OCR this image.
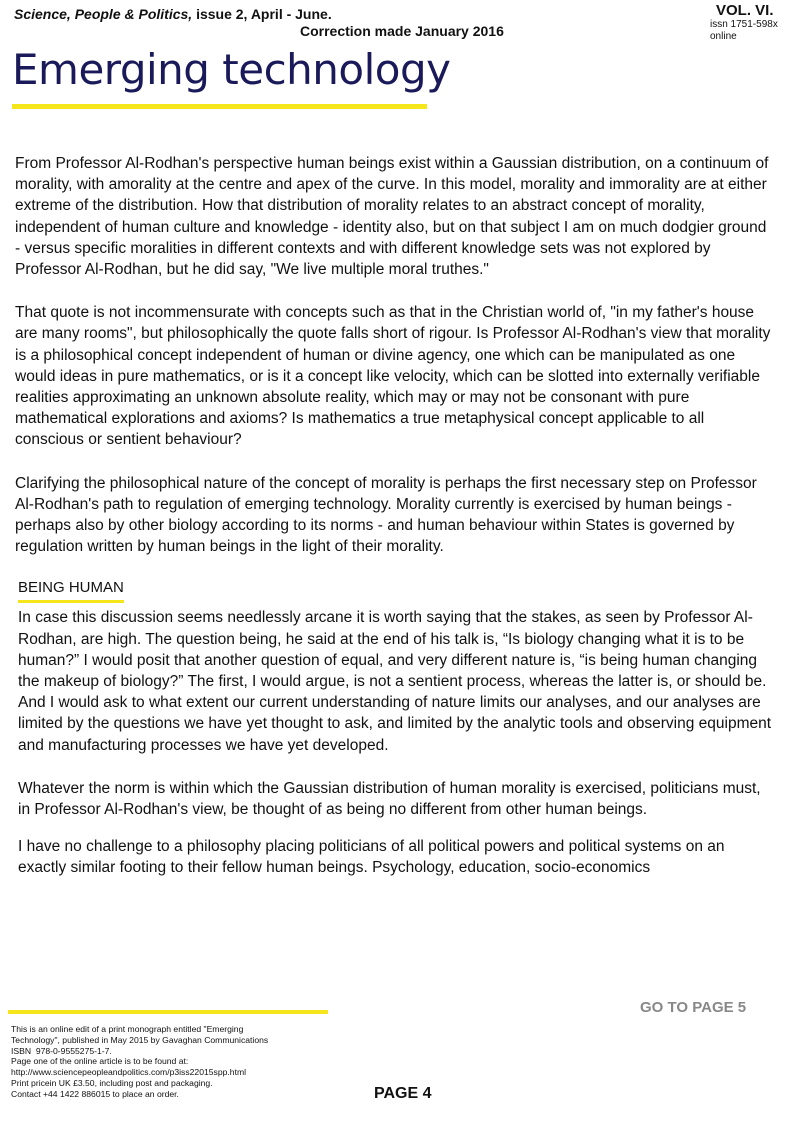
Science, People & Politics, issue 2, April - June.
Correction made January 2016
VOL. VI.
issn 1751-598x
online
Emerging technology

From Professor Al-Rodhan's perspective human beings exist within a Gaussian distribution, on a continuum of morality, with amorality at the centre and apex of the curve. In this model, morality and immorality are at either extreme of the distribution. How that distribution of morality relates to an abstract concept of morality, independent of human culture and knowledge - identity also, but on that subject I am on much dodgier ground - versus specific moralities in different contexts and with different knowledge sets was not explored by Professor Al-Rodhan, but he did say, "We live multiple moral truthes."

That quote is not incommensurate with concepts such as that in the Christian world of, "in my father's house are many rooms", but philosophically the quote falls short of rigour. Is Professor Al-Rodhan's view that morality is a philosophical concept independent of human or divine agency, one which can be manipulated as one would ideas in pure mathematics, or is it a concept like velocity, which can be slotted into externally verifiable realities approximating an unknown absolute reality, which may or may not be consonant with pure mathematical explorations and axioms? Is mathematics a true metaphysical concept applicable to all conscious or sentient behaviour?

Clarifying the philosophical nature of the concept of morality is perhaps the first necessary step on Professor Al-Rodhan's path to regulation of emerging technology. Morality currently is exercised by human beings - perhaps also by other biology according to its norms - and human behaviour within States is governed by regulation written by human beings in the light of their morality.

BEING HUMAN

In case this discussion seems needlessly arcane it is worth saying that the stakes, as seen by Professor Al-Rodhan, are high. The question being, he said at the end of his talk is, “Is biology changing what it is to be human?” I would posit that another question of equal, and very different nature is, “is being human changing the makeup of biology?” The first, I would argue, is not a sentient process, whereas the latter is, or should be. And I would ask to what extent our current understanding of nature limits our analyses, and our analyses are limited by the questions we have yet thought to ask, and limited by the analytic tools and observing equipment and manufacturing processes we have yet developed.

Whatever the norm is within which the Gaussian distribution of human morality is exercised, politicians must, in Professor Al-Rodhan's view, be thought of as being no different from other human beings.

I have no challenge to a philosophy placing politicians of all political powers and political systems on an exactly similar footing to their fellow human beings. Psychology, education, socio-economics

GO TO PAGE 5
This is an online edit of a print monograph entitled "Emerging
Technology", published in May 2015 by Gavaghan Communications
ISBN  978-0-9555275-1-7.
Page one of the online article is to be found at:
http://www.sciencepeopleandpolitics.com/p3iss22015spp.html
Print pricein UK £3.50, including post and packaging.
Contact +44 1422 886015 to place an order.	PAGE 4
